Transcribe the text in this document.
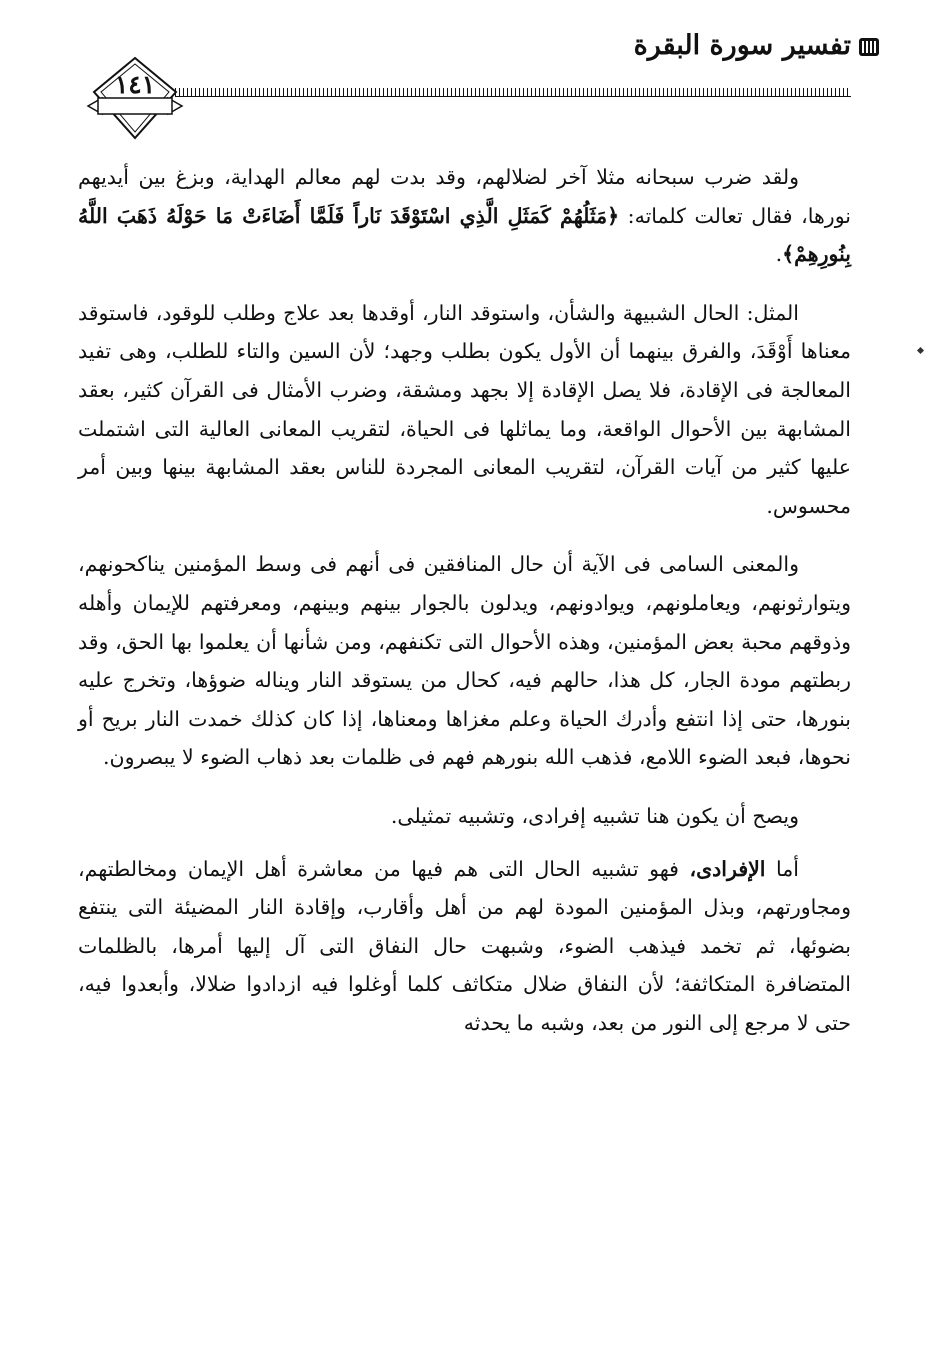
تفسير سورة البقرة
١٤١

ولقد ضرب سبحانه مثلا آخر لضلالهم، وقد بدت لهم معالم الهداية، وبزغ بين أيديهم نورها، فقال تعالت كلماته: ﴿مَثَلُهُمْ كَمَثَلِ الَّذِي اسْتَوْقَدَ نَاراً فَلَمَّا أَضَاءَتْ مَا حَوْلَهُ ذَهَبَ اللَّهُ بِنُورِهِمْ﴾.

المثل: الحال الشبيهة والشأن، واستوقد النار، أوقدها بعد علاج وطلب للوقود، فاستوقد معناها أَوْقَدَ، والفرق بينهما أن الأول يكون بطلب وجهد؛ لأن السين والتاء للطلب، وهى تفيد المعالجة فى الإقادة، فلا يصل الإقادة إلا بجهد ومشقة، وضرب الأمثال فى القرآن كثير، بعقد المشابهة بين الأحوال الواقعة، وما يماثلها فى الحياة، لتقريب المعانى العالية التى اشتملت عليها كثير من آيات القرآن، لتقريب المعانى المجردة للناس بعقد المشابهة بينها وبين أمر محسوس.

والمعنى السامى فى الآية أن حال المنافقين فى أنهم فى وسط المؤمنين يناكحونهم، ويتوارثونهم، ويعاملونهم، ويوادونهم، ويدلون بالجوار بينهم وبينهم، ومعرفتهم للإيمان وأهله وذوقهم محبة بعض المؤمنين، وهذه الأحوال التى تكنفهم، ومن شأنها أن يعلموا بها الحق، وقد ربطتهم مودة الجار، كل هذا، حالهم فيه، كحال من يستوقد النار ويناله ضوؤها، وتخرج عليه بنورها، حتى إذا انتفع وأدرك الحياة وعلم مغزاها ومعناها، إذا كان كذلك خمدت النار بريح أو نحوها، فبعد الضوء اللامع، فذهب الله بنورهم فهم فى ظلمات بعد ذهاب الضوء لا يبصرون.

ويصح أن يكون هنا تشبيه إفرادى، وتشبيه تمثيلى.

أما الإفرادى، فهو تشبيه الحال التى هم فيها من معاشرة أهل الإيمان ومخالطتهم، ومجاورتهم، وبذل المؤمنين المودة لهم من أهل وأقارب، وإقادة النار المضيئة التى ينتفع بضوئها، ثم تخمد فيذهب الضوء، وشبهت حال النفاق التى آل إليها أمرها، بالظلمات المتضافرة المتكاثفة؛ لأن النفاق ضلال متكاثف كلما أوغلوا فيه ازدادوا ضلالا، وأبعدوا فيه، حتى لا مرجع إلى النور من بعد، وشبه ما يحدثه
